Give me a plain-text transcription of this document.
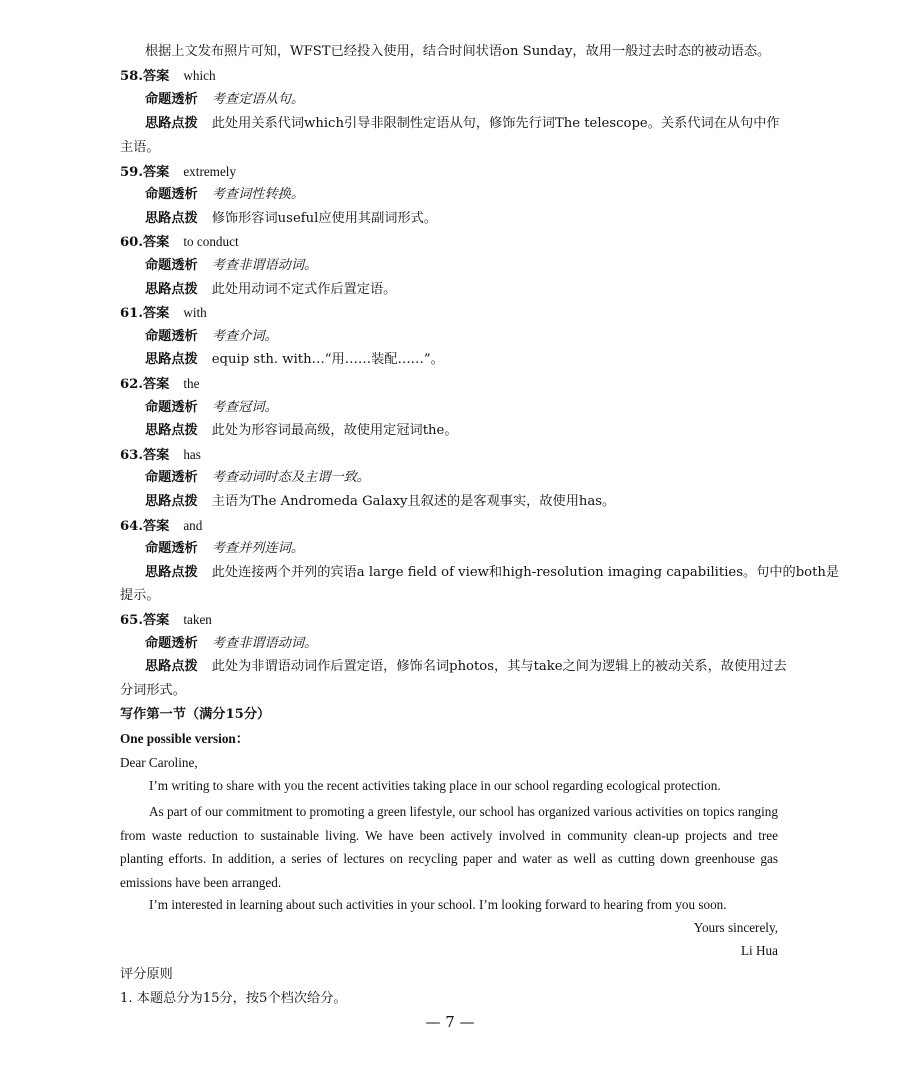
根据上文发布照片可知，WFST已经投入使用，结合时间状语on Sunday，故用一般过去时态的被动语态。
58.答案 which
命题透析 考查定语从句。
思路点拨 此处用关系代词which引导非限制性定语从句，修饰先行词The telescope。关系代词在从句中作
主语。
59.答案 extremely
命题透析 考查词性转换。
思路点拨 修饰形容词useful应使用其副词形式。
60.答案 to conduct
命题透析 考查非谓语动词。
思路点拨 此处用动词不定式作后置定语。
61.答案 with
命题透析 考查介词。
思路点拨 equip sth. with…“用……装配……”。
62.答案 the
命题透析 考查冠词。
思路点拨 此处为形容词最高级，故使用定冠词the。
63.答案 has
命题透析 考查动词时态及主谓一致。
思路点拨 主语为The Andromeda Galaxy且叙述的是客观事实，故使用has。
64.答案 and
命题透析 考查并列连词。
思路点拨 此处连接两个并列的宾语a large field of view和high-resolution imaging capabilities。句中的both是
提示。
65.答案 taken
命题透析 考查非谓语动词。
思路点拨 此处为非谓语动词作后置定语，修饰名词photos，其与take之间为逻辑上的被动关系，故使用过去
分词形式。
写作第一节（满分15分）
One possible version：
Dear Caroline,
I’m writing to share with you the recent activities taking place in our school regarding ecological protection.
As part of our commitment to promoting a green lifestyle, our school has organized various activities on topics ranging from waste reduction to sustainable living. We have been actively involved in community clean-up projects and tree planting efforts. In addition, a series of lectures on recycling paper and water as well as cutting down greenhouse gas emissions have been arranged.
I’m interested in learning about such activities in your school. I’m looking forward to hearing from you soon.
Yours sincerely,
Li Hua
评分原则
1. 本题总分为15分，按5个档次给分。
— 7 —
